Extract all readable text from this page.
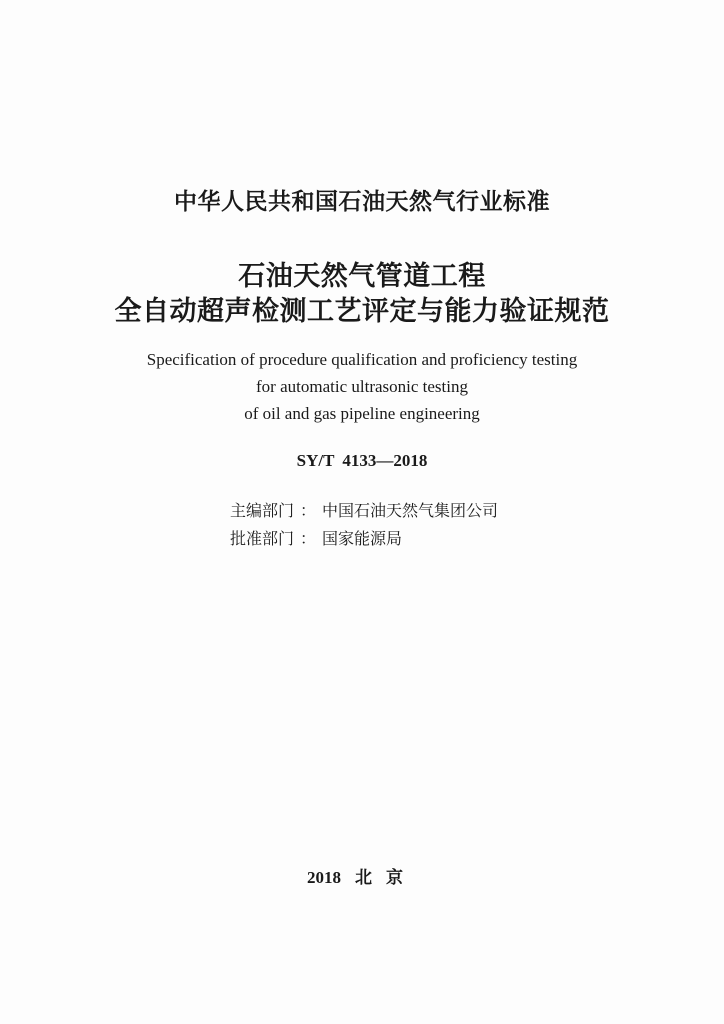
中华人民共和国石油天然气行业标准
石油天然气管道工程
全自动超声检测工艺评定与能力验证规范
Specification of procedure qualification and proficiency testing
for automatic ultrasonic testing
of oil and gas pipeline engineering
SY/T 4133—2018
主编部门 ： 中国石油天然气集团公司
批准部门 ： 国家能源局
2018 北京
